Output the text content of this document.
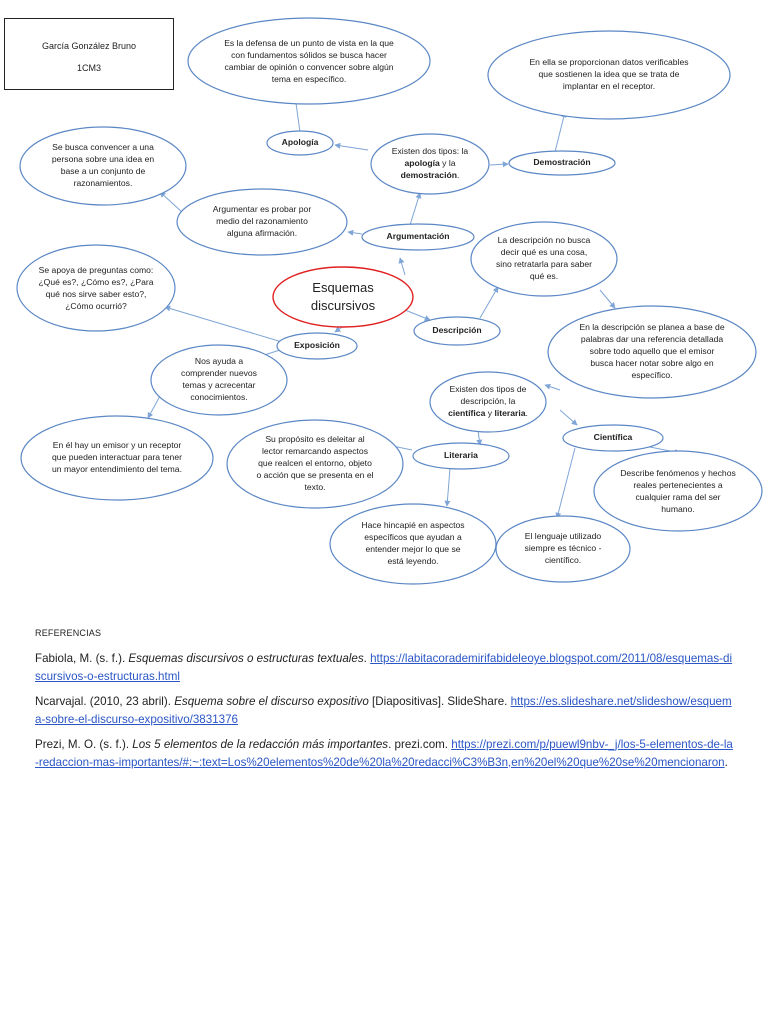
García González Bruno
1CM3
Es la defensa de un punto de vista en la que con fundamentos sólidos se busca hacer cambiar de opinión o convencer sobre algún tema en específico.
En ella se proporcionan datos verificables que sostienen la idea que se trata de implantar en el receptor.
Apología
Existen dos tipos: la apología y la demostración.
Demostración
Se busca convencer a una persona sobre una idea en base a un conjunto de razonamientos.
Argumentar es probar por medio del razonamiento alguna afirmación.	Argumentación	La descripción no busca decir qué es una cosa, sino retratarla para saber qué es.
Esquemas discursivos
Se apoya de preguntas como: ¿Qué es?, ¿Cómo es?, ¿Para qué nos sirve saber esto?, ¿Cómo ocurrió?
Descripción	En la descripción se planea a base de palabras dar una referencia detallada sobre todo aquello que el emisor busca hacer notar sobre algo en específico.
Exposición
Nos ayuda a comprender nuevos temas y acrecentar conocimientos.
Existen dos tipos de descripción, la científica y literaria.
Científica
En él hay un emisor y un receptor que pueden interactuar para tener un mayor entendimiento del tema.
Su propósito es deleitar al lector remarcando aspectos que realcen el entorno, objeto o acción que se presenta en el texto.
Literaria
Describe fenómenos y hechos reales pertenecientes a cualquier rama del ser humano.
Hace hincapié en aspectos específicos que ayudan a entender mejor lo que se está leyendo.
El lenguaje utilizado siempre es técnico - científico.
REFERENCIAS
Fabiola, M. (s. f.). Esquemas discursivos o estructuras textuales. https://labitacorademirifabideleoye.blogspot.com/2011/08/esquemas-discursivos-o-estructuras.html
Ncarvajal. (2010, 23 abril). Esquema sobre el discurso expositivo [Diapositivas]. SlideShare. https://es.slideshare.net/slideshow/esquema-sobre-el-discurso-expositivo/3831376
Prezi, M. O. (s. f.). Los 5 elementos de la redacción más importantes. prezi.com. https://prezi.com/p/puewl9nbv-_j/los-5-elementos-de-la-redaccion-mas-importantes/#:~:text=Los%20elementos%20de%20la%20redacci%C3%B3n,en%20el%20que%20se%20mencionaron.
